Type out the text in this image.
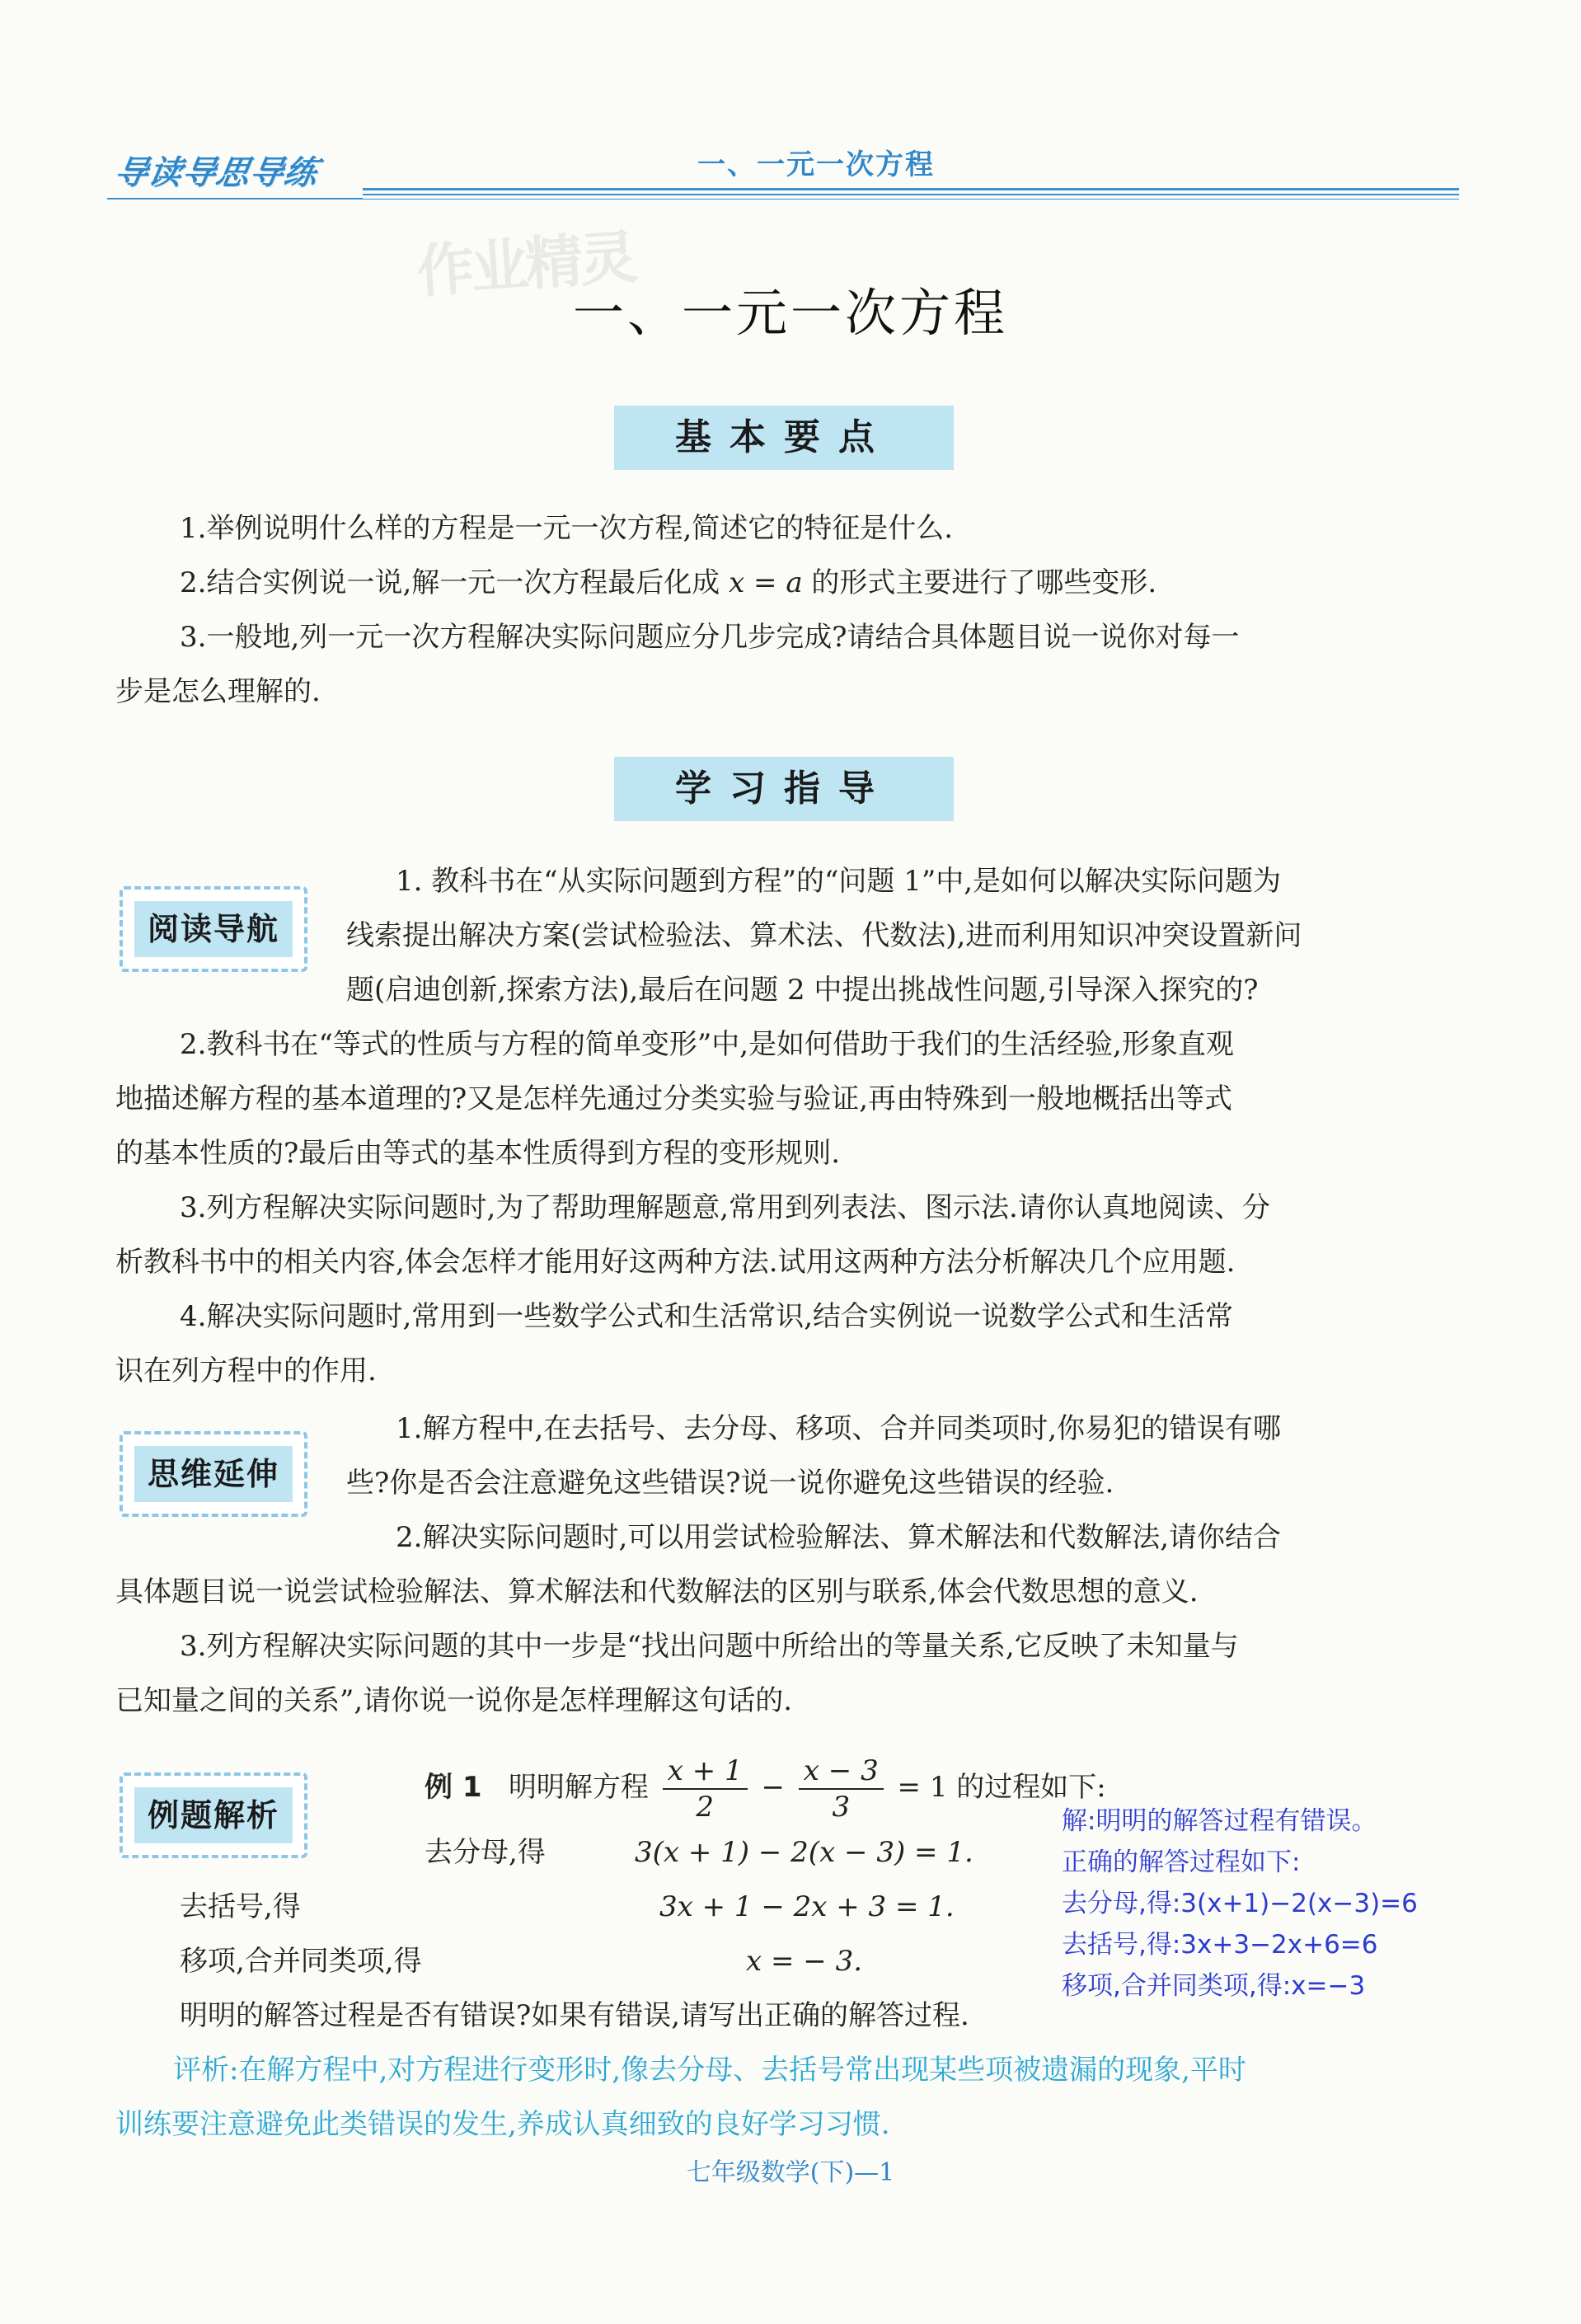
导读导思导练	一、一元一次方程
作业精灵
一、一元一次方程
基本要点
1.举例说明什么样的方程是一元一次方程,简述它的特征是什么.
2.结合实例说一说,解一元一次方程最后化成 x = a 的形式主要进行了哪些变形.
3.一般地,列一元一次方程解决实际问题应分几步完成?请结合具体题目说一说你对每一
步是怎么理解的.
学习指导
阅读导航
1. 教科书在“从实际问题到方程”的“问题 1”中,是如何以解决实际问题为
线索提出解决方案(尝试检验法、算术法、代数法),进而利用知识冲突设置新问
题(启迪创新,探索方法),最后在问题 2 中提出挑战性问题,引导深入探究的?
2.教科书在“等式的性质与方程的简单变形”中,是如何借助于我们的生活经验,形象直观
地描述解方程的基本道理的?又是怎样先通过分类实验与验证,再由特殊到一般地概括出等式
的基本性质的?最后由等式的基本性质得到方程的变形规则.
3.列方程解决实际问题时,为了帮助理解题意,常用到列表法、图示法.请你认真地阅读、分
析教科书中的相关内容,体会怎样才能用好这两种方法.试用这两种方法分析解决几个应用题.
4.解决实际问题时,常用到一些数学公式和生活常识,结合实例说一说数学公式和生活常
识在列方程中的作用.
思维延伸
1.解方程中,在去括号、去分母、移项、合并同类项时,你易犯的错误有哪
些?你是否会注意避免这些错误?说一说你避免这些错误的经验.
2.解决实际问题时,可以用尝试检验解法、算术解法和代数解法,请你结合
具体题目说一说尝试检验解法、算术解法和代数解法的区别与联系,体会代数思想的意义.
3.列方程解决实际问题的其中一步是“找出问题中所给出的等量关系,它反映了未知量与
已知量之间的关系”,请你说一说你是怎样理解这句话的.
例题解析
例 1 明明解方程 $\frac{x + 1}{2} - \frac{x - 3}{3} = 1$ 的过程如下:
去分母,得	3(x + 1) − 2(x − 3) = 1.
去括号,得	3x + 1 − 2x + 3 = 1.
移项,合并同类项,得	x = − 3.
明明的解答过程是否有错误?如果有错误,请写出正确的解答过程.
解:明明的解答过程有错误。
正确的解答过程如下:
去分母,得:3(x+1)−2(x−3)=6
去括号,得:3x+3−2x+6=6
移项,合并同类项,得:x=−3
评析:在解方程中,对方程进行变形时,像去分母、去括号常出现某些项被遗漏的现象,平时
训练要注意避免此类错误的发生,养成认真细致的良好学习习惯.
七年级数学(下)—1
